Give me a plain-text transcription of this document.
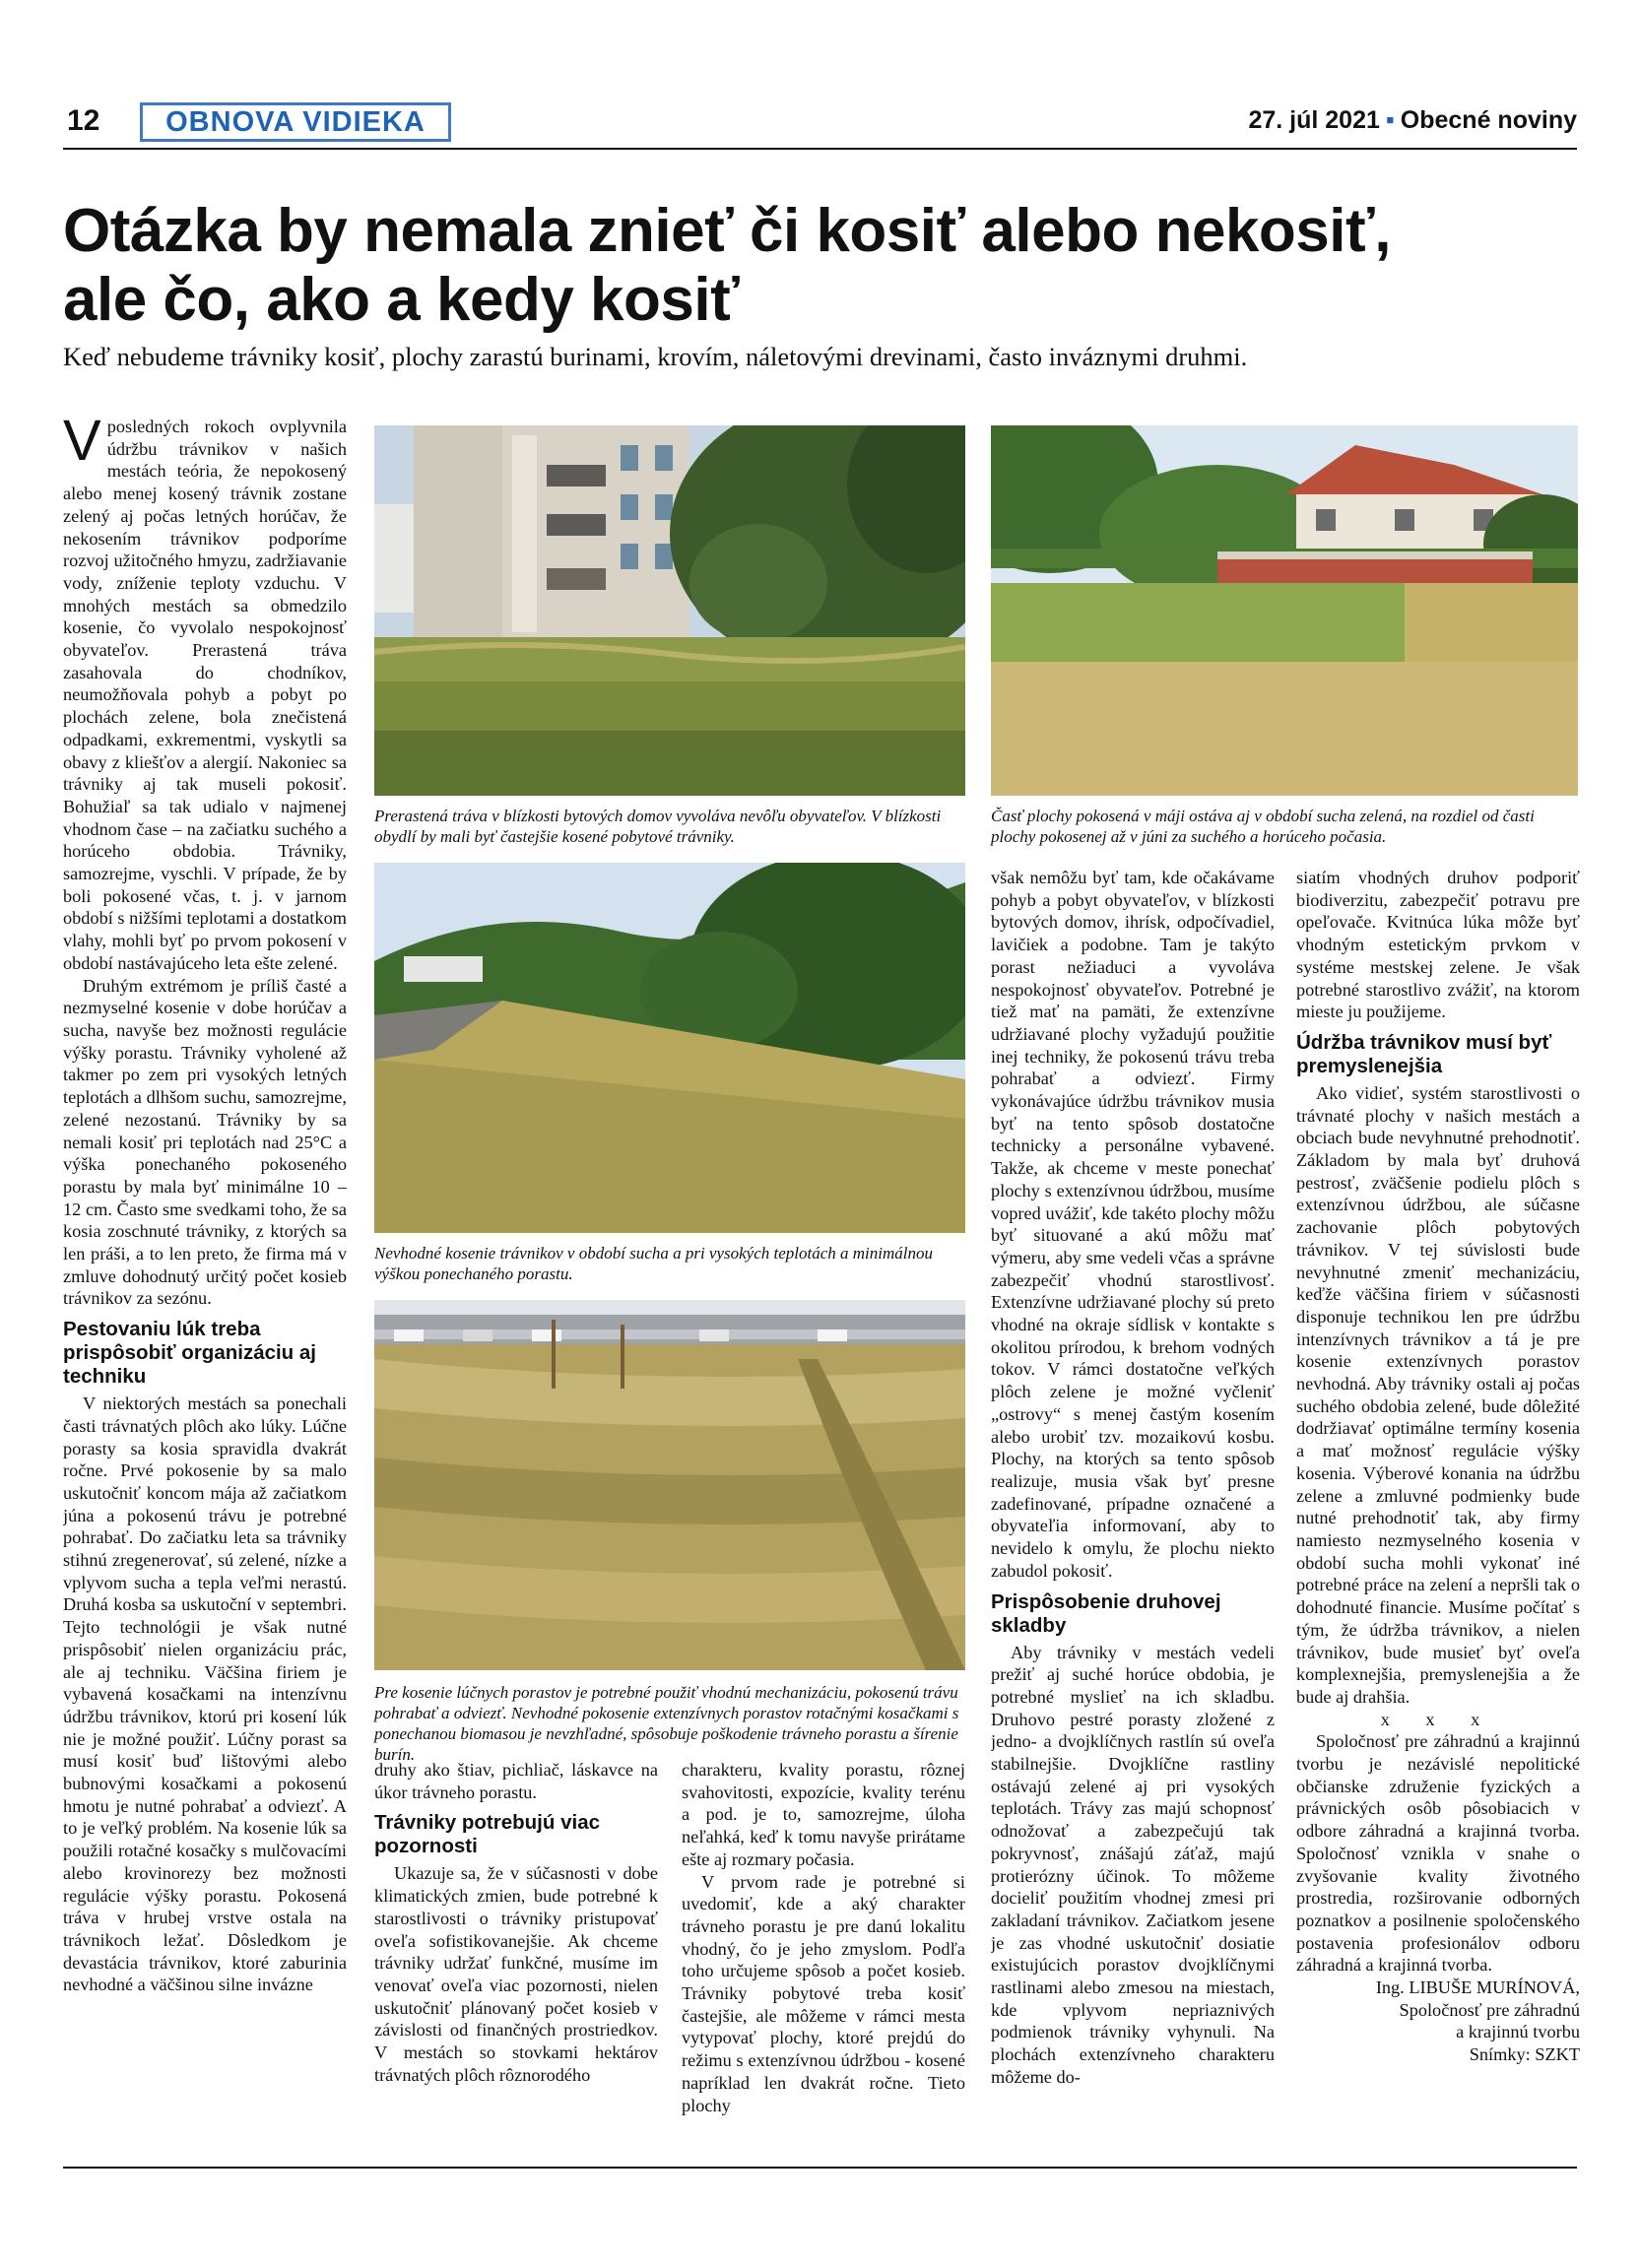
12	OBNOVA VIDIEKA	27. júl 2021 ▪ Obecné noviny
Otázka by nemala znieť či kosiť alebo nekosiť,
ale čo, ako a kedy kosiť
Keď nebudeme trávniky kosiť, plochy zarastú burinami, krovím, náletovými drevinami, často inváznymi druhmi.
V posledných rokoch ovplyvnila údržbu trávnikov v našich mestách teória, že nepokosený alebo menej kosený trávnik zostane zelený aj počas letných horúčav, že nekosením trávnikov podporíme rozvoj užitočného hmyzu, zadržiavanie vody, zníženie teploty vzduchu. V mnohých mestách sa obmedzilo kosenie, čo vyvolalo nespokojnosť obyvateľov. Prerastená tráva zasahovala do chodníkov, neumožňovala pohyb a pobyt po plochách zelene, bola znečistená odpadkami, exkrementmi, vyskytli sa obavy z kliešťov a alergií. Nakoniec sa trávniky aj tak museli pokosiť. Bohužiaľ sa tak udialo v najmenej vhodnom čase – na začiatku suchého a horúceho obdobia. Trávniky, samozrejme, vyschli. V prípade, že by boli pokosené včas, t. j. v jarnom období s nižšími teplotami a dostatkom vlahy, mohli byť po prvom pokosení v období nastávajúceho leta ešte zelené.

Druhým extrémom je príliš časté a nezmyselné kosenie v dobe horúčav a sucha, navyše bez možnosti regulácie výšky porastu. Trávniky vyholené až takmer po zem pri vysokých letných teplotách a dlhšom suchu, samozrejme, zelené nezostanú. Trávniky by sa nemali kosiť pri teplotách nad 25°C a výška ponechaného pokoseného porastu by mala byť minimálne 10 – 12 cm. Často sme svedkami toho, že sa kosia zoschnuté trávniky, z ktorých sa len práši, a to len preto, že firma má v zmluve dohodnutý určitý počet kosieb trávnikov za sezónu.

Pestovaniu lúk treba prispôsobiť organizáciu aj techniku

V niektorých mestách sa ponechali časti trávnatých plôch ako lúky. Lúčne porasty sa kosia spravidla dvakrát ročne. Prvé pokosenie by sa malo uskutočniť koncom mája až začiatkom júna a pokosenú trávu je potrebné pohrabať. Do začiatku leta sa trávniky stihnú zregenerovať, sú zelené, nízke a vplyvom sucha a tepla veľmi nerastú. Druhá kosba sa uskutoční v septembri. Tejto technológii je však nutné prispôsobiť nielen organizáciu prác, ale aj techniku. Väčšina firiem je vybavená kosačkami na intenzívnu údržbu trávnikov, ktorú pri kosení lúk nie je možné použiť. Lúčny porast sa musí kosiť buď lištovými alebo bubnovými kosačkami a pokosenú hmotu je nutné pohrabať a odviezť. A to je veľký problém. Na kosenie lúk sa použili rotačné kosačky s mulčovacími alebo krovinorezy bez možnosti regulácie výšky porastu. Pokosená tráva v hrubej vrstve ostala na trávnikoch ležať. Dôsledkom je devastácia trávnikov, ktoré zaburinia nevhodné a väčšinou silne inváznе

Prerastená tráva v blízkosti bytových domov vyvoláva nevôľu obyvateľov. V blízkosti obydlí by mali byť častejšie kosené pobytové trávniky.
Časť plochy pokosená v máji ostáva aj v období sucha zelená, na rozdiel od časti plochy pokosenej až v júni za suchého a horúceho počasia.
Nevhodné kosenie trávnikov v období sucha a pri vysokých teplotách a minimálnou výškou ponechaného porastu.
Pre kosenie lúčnych porastov je potrebné použiť vhodnú mechanizáciu, pokosenú trávu pohrabať a odviezť. Nevhodné pokosenie extenzívnych porastov rotačnými kosačkami s ponechanou biomasou je nevzhľadné, spôsobuje poškodenie trávneho porastu a šírenie burín.

druhy ako štiav, pichliač, láskavce na úkor trávneho porastu.

Trávniky potrebujú viac pozornosti

Ukazuje sa, že v súčasnosti v dobe klimatických zmien, bude potrebné k starostlivosti o trávniky pristupovať oveľa sofistikovanejšie. Ak chceme trávniky udržať funkčné, musíme im venovať oveľa viac pozornosti, nielen uskutočniť plánovaný počet kosieb v závislosti od finančných prostriedkov. V mestách so stovkami hektárov trávnatých plôch rôznorodého

charakteru, kvality porastu, rôznej svahovitosti, expozície, kvality terénu a pod. je to, samozrejme, úloha neľahká, keď k tomu navyše prirátame ešte aj rozmary počasia.

V prvom rade je potrebné si uvedomiť, kde a aký charakter trávneho porastu je pre danú lokalitu vhodný, čo je jeho zmyslom. Podľa toho určujeme spôsob a počet kosieb. Trávniky pobytové treba kosiť častejšie, ale môžeme v rámci mesta vytypovať plochy, ktoré prejdú do režimu s extenzívnou údržbou - kosené napríklad len dvakrát ročne. Tieto plochy

však nemôžu byť tam, kde očakávame pohyb a pobyt obyvateľov, v blízkosti bytových domov, ihrísk, odpočívadiel, lavičiek a podobne. Tam je takýto porast nežiaduci a vyvoláva nespokojnosť obyvateľov. Potrebné je tiež mať na pamäti, že extenzívne udržiavané plochy vyžadujú použitie inej techniky, že pokosenú trávu treba pohrabať a odviezť. Firmy vykonávajúce údržbu trávnikov musia byť na tento spôsob dostatočne technicky a personálne vybavené. Takže, ak chceme v meste ponechať plochy s extenzívnou údržbou, musíme vopred uvážiť, kde takéto plochy môžu byť situované a akú môžu mať výmeru, aby sme vedeli včas a správne zabezpečiť vhodnú starostlivosť. Extenzívne udržiavané plochy sú preto vhodné na okraje sídlisk v kontakte s okolitou prírodou, k brehom vodných tokov. V rámci dostatočne veľkých plôch zelene je možné vyčleniť „ostrovy“ s menej častým kosením alebo urobiť tzv. mozaikovú kosbu. Plochy, na ktorých sa tento spôsob realizuje, musia však byť presne zadefinované, prípadne označené a obyvateľia informovaní, aby to nevidelo k omylu, že plochu niekto zabudol pokosiť.

Prispôsobenie druhovej skladby

Aby trávniky v mestách vedeli prežiť aj suché horúce obdobia, je potrebné myslieť na ich skladbu. Druhovo pestré porasty zložené z jedno- a dvojklíčnych rastlín sú oveľa stabilnejšie. Dvojklíčne rastliny ostávajú zelené aj pri vysokých teplotách. Trávy zas majú schopnosť odnožovať a zabezpečujú tak pokryvnosť, znášajú záťaž, majú protierózny účinok. To môžeme docieliť použitím vhodnej zmesi pri zakladaní trávnikov. Začiatkom jesene je zas vhodné uskutočniť dosiatie existujúcich porastov dvojklíčnymi rastlinami alebo zmesou na miestach, kde vplyvom nepriaznivých podmienok trávniky vyhynuli. Na plochách extenzívneho charakteru môžeme do-

siatím vhodných druhov podporiť biodiverzitu, zabezpečiť potravu pre opeľovače. Kvitnúca lúka môže byť vhodným estetickým prvkom v systéme mestskej zelene. Je však potrebné starostlivo zvážiť, na ktorom mieste ju použijeme.

Údržba trávnikov musí byť premyslenejšia

Ako vidieť, systém starostlivosti o trávnaté plochy v našich mestách a obciach bude nevyhnutné prehodnotiť. Základom by mala byť druhová pestrosť, zväčšenie podielu plôch s extenzívnou údržbou, ale súčasne zachovanie plôch pobytových trávnikov. V tej súvislosti bude nevyhnutné zmeniť mechanizáciu, keďže väčšina firiem v súčasnosti disponuje technikou len pre údržbu intenzívnych trávnikov a tá je pre kosenie extenzívnych porastov nevhodná. Aby trávniky ostali aj počas suchého obdobia zelené, bude dôležité dodržiavať optimálne termíny kosenia a mať možnosť regulácie výšky kosenia. Výberové konania na údržbu zelene a zmluvné podmienky bude nutné prehodnotiť tak, aby firmy namiesto nezmyselného kosenia v období sucha mohli vykonať iné potrebné práce na zelení a nepršli tak o dohodnuté financie. Musíme počítať s tým, že údržba trávnikov, a nielen trávnikov, bude musieť byť oveľa komplexnejšia, premyslenejšia a že bude aj drahšia.

x x x

Spoločnosť pre záhradnú a krajinnú tvorbu je nezávislé nepolitické občianske združenie fyzických a právnických osôb pôsobiacich v odbore záhradná a krajinná tvorba. Spoločnosť vznikla v snahe o zvyšovanie kvality životného prostredia, rozširovanie odborných poznatkov a posilnenie spoločenského postavenia profesionálov odboru záhradná a krajinná tvorba.

Ing. LIBUŠE MURÍNOVÁ,

Spoločnosť pre záhradnú

a krajinnú tvorbu

Snímky: SZKT
